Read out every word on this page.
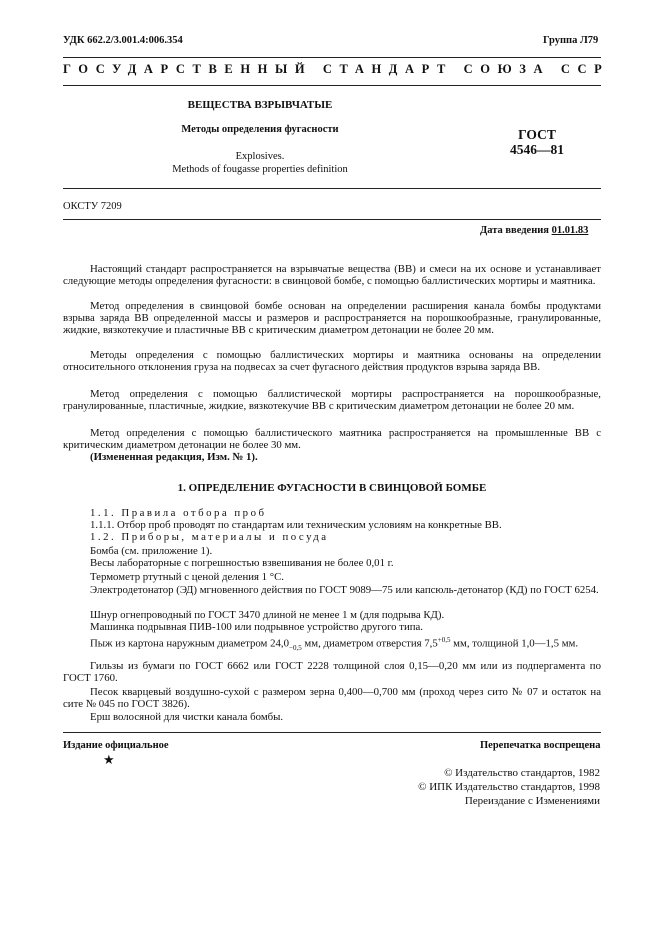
УДК 662.2/3.001.4:006.354	Группа Л79
ГОСУДАРСТВЕННЫЙ СТАНДАРТ СОЮЗА ССР
ВЕЩЕСТВА ВЗРЫВЧАТЫЕ
Методы определения фугасности
Explosives.
Methods of fougasse properties definition
ГОСТ
4546—81
ОКСТУ 7209
Дата введения 01.01.83
Настоящий стандарт распространяется на взрывчатые вещества (ВВ) и смеси на их основе и устанавливает следующие методы определения фугасности: в свинцовой бомбе, с помощью баллистических мортиры и маятника.
Метод определения в свинцовой бомбе основан на определении расширения канала бомбы продуктами взрыва заряда ВВ определенной массы и размеров и распространяется на порошкообразные, гранулированные, жидкие, вязкотекучие и пластичные ВВ с критическим диаметром детонации не более 20 мм.
Методы определения с помощью баллистических мортиры и маятника основаны на определении относительного отклонения груза на подвесах за счет фугасного действия продуктов взрыва заряда ВВ.
Метод определения с помощью баллистической мортиры распространяется на порошкообразные, гранулированные, пластичные, жидкие, вязкотекучие ВВ с критическим диаметром детонации не более 20 мм.
Метод определения с помощью баллистического маятника распространяется на промышленные ВВ с критическим диаметром детонации не более 30 мм.
(Измененная редакция, Изм. № 1).
1. ОПРЕДЕЛЕНИЕ ФУГАСНОСТИ В СВИНЦОВОЙ БОМБЕ
1.1. Правила отбора проб
1.1.1. Отбор проб проводят по стандартам или техническим условиям на конкретные ВВ.
1.2. Приборы, материалы и посуда
Бомба (см. приложение 1).
Весы лабораторные с погрешностью взвешивания не более 0,01 г.
Термометр ртутный с ценой деления 1 °С.
Электродетонатор (ЭД) мгновенного действия по ГОСТ 9089—75 или капсюль-детонатор (КД) по ГОСТ 6254.
Шнур огнепроводный по ГОСТ 3470 длиной не менее 1 м (для подрыва КД).
Машинка подрывная ПИВ-100 или подрывное устройство другого типа.
Пыж из картона наружным диаметром $24,0_{-0,5}$ мм, диаметром отверстия $7,5^{+0,5}$ мм, толщиной 1,0—1,5 мм.
Гильзы из бумаги по ГОСТ 6662 или ГОСТ 2228 толщиной слоя 0,15—0,20 мм или из подпергамента по ГОСТ 1760.
Песок кварцевый воздушно-сухой с размером зерна 0,400—0,700 мм (проход через сито № 07 и остаток на сите № 045 по ГОСТ 3826).
Ерш волосяной для чистки канала бомбы.
Издание официальное	Перепечатка воспрещена
★
© Издательство стандартов, 1982
© ИПК Издательство стандартов, 1998
Переиздание с Изменениями
